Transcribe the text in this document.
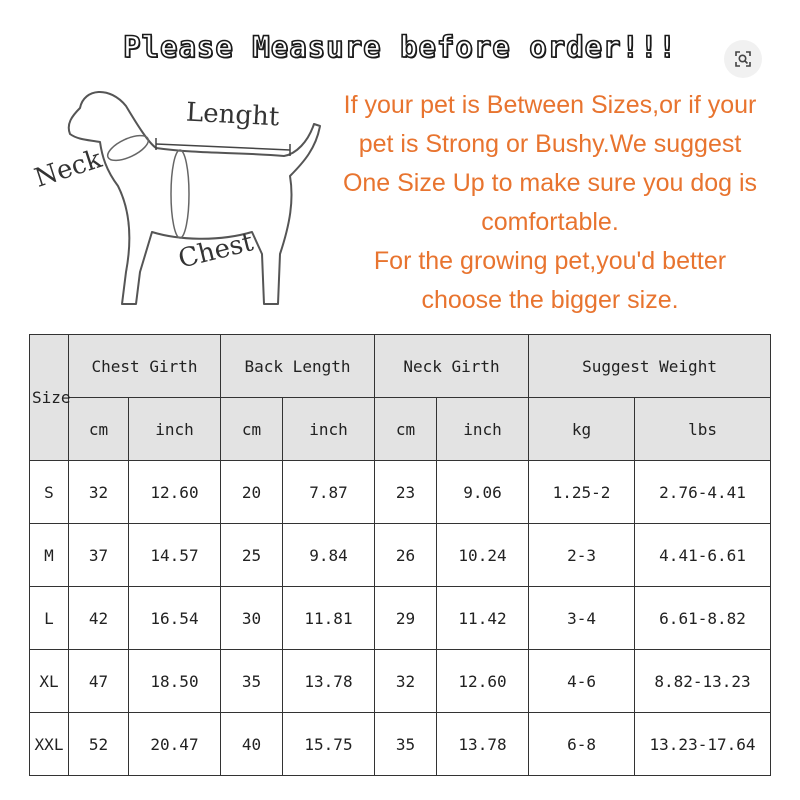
Please Measure before order!!!
Neck
Lenght
Chest

If your pet is Between Sizes,or if your pet is Strong or Bushy.We suggest One Size Up to make sure you dog is comfortable.

For the growing pet,you'd better choose the bigger size.

Size	Chest Girth		Back Length		Neck Girth		Suggest Weight	
	cm	inch	cm	inch	cm	inch	kg	lbs
S	32	12.60	20	7.87	23	9.06	1.25-2	2.76-4.41
M	37	14.57	25	9.84	26	10.24	2-3	4.41-6.61
L	42	16.54	30	11.81	29	11.42	3-4	6.61-8.82
XL	47	18.50	35	13.78	32	12.60	4-6	8.82-13.23
XXL	52	20.47	40	15.75	35	13.78	6-8	13.23-17.64
